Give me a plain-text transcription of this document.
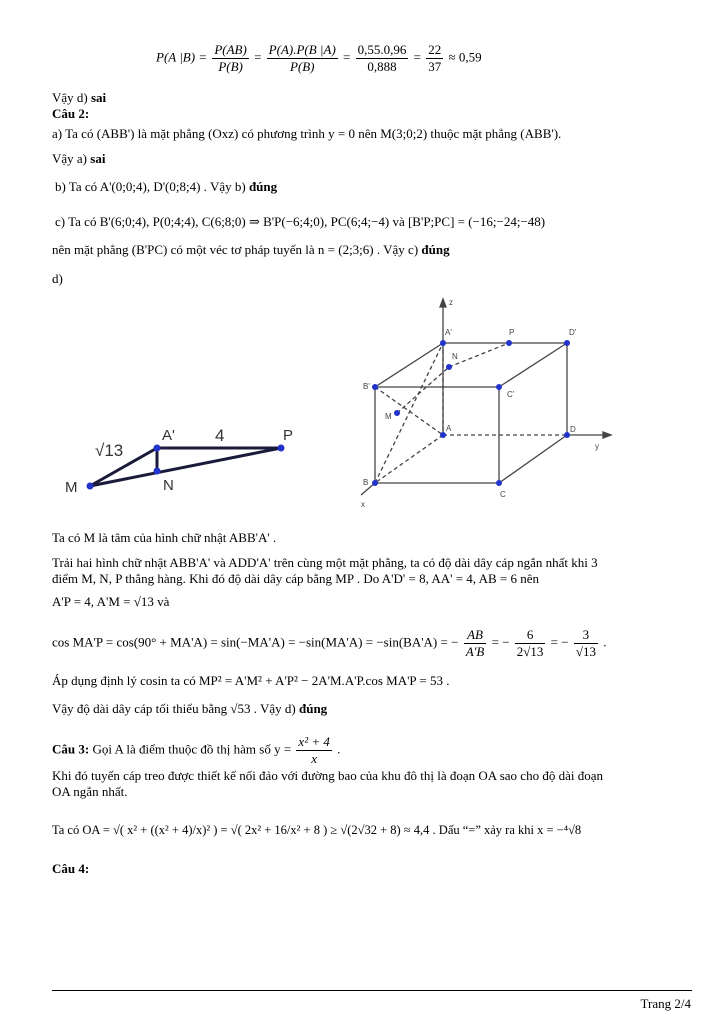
P(A $|B) = \frac{P(AB)}{P(B)} = \frac{P(A).P(B |A)}{P(B)} = \frac{0,55.0,96}{0,888} = \frac{22}{37} \approx 0,59$
Vậy d) sai
Câu 2:
a) Ta có (ABB') là mặt phẳng (Oxz) có phương trình y = 0 nên M(3;0;2) thuộc mặt phẳng (ABB').
Vậy a) sai
b) Ta có A'(0;0;4), D'(0;8;4) . Vậy b) đúng
c) Ta có B'(6;0;4), P(0;4;4), C(6;8;0) ⇒ B'P(−6;4;0), PC(6;4;−4) và [B'P;PC] = (−16;−24;−48)
nên mặt phẳng (B'PC) có một véc tơ pháp tuyến là n = (2;3;6) . Vậy c) đúng
d)
√13
4
M
A'
N
P
z
y
x
A'	P	D'
N
B'
C'
M
A	D
B
C
Ta có M là tâm của hình chữ nhật ABB'A' .
Trải hai hình chữ nhật ABB'A' và ADD'A' trên cùng một mặt phẳng, ta có độ dài dây cáp ngắn nhất khi 3
điểm M, N, P thẳng hàng. Khi đó độ dài dây cáp bằng MP . Do A'D' = 8, AA' = 4, AB = 6 nên
A'P = 4, A'M = √13 và
cos MA'P = cos(90° + MA'A) = sin(−MA'A) = −sin(MA'A) = −sin(BA'A) = − $\frac{AB}{A'B}$ = − $\frac{6}{2√13}$ = − $\frac{3}{√13}$ .
Áp dụng định lý cosin ta có MP² = A'M² + A'P² − 2A'M.A'P.cos MA'P = 53 .
Vậy độ dài dây cáp tối thiểu bằng √53 . Vậy d) đúng
Câu 3: Gọi A là điểm thuộc đồ thị hàm số $y = \frac{\text{x² + 4}}{x}$ .
Khi đó tuyến cáp treo được thiết kế nối đảo với đường bao của khu đô thị là đoạn OA sao cho độ dài đoạn
OA ngắn nhất.
Ta có OA = √( x² + ((x² + 4)/x)² ) = √( 2x² + 16/x² + 8 ) ≥ √(2√32 + 8) ≈ 4,4 . Dấu “=” xảy ra khi x = −⁴√8
Câu 4:
Trang 2/4
